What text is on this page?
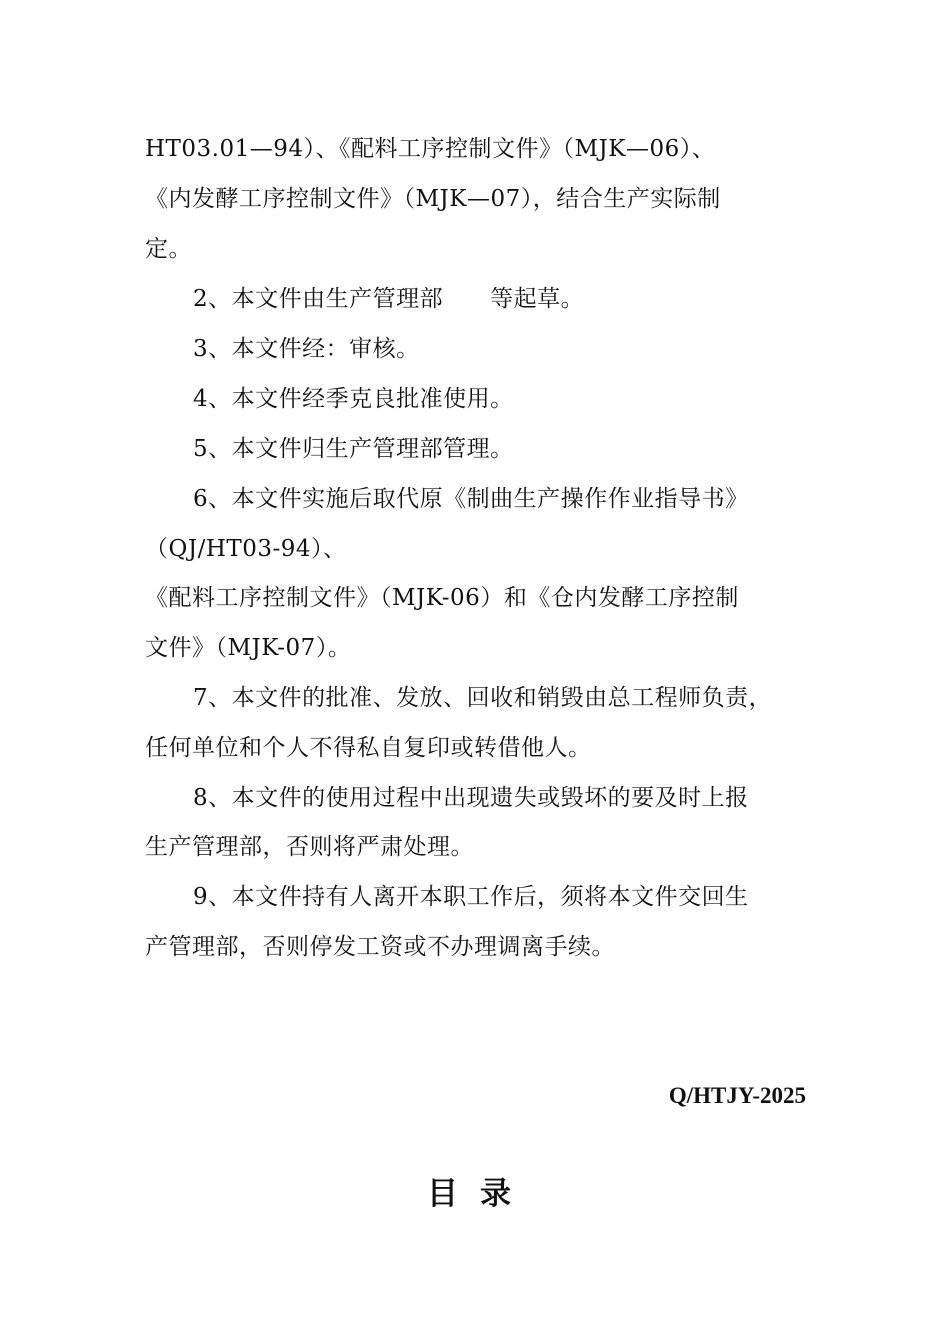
HT03.01—94）、《配料工序控制文件》（MJK—06）、
《内发酵工序控制文件》（MJK—07），结合生产实际制
定。
2、本文件由生产管理部　　等起草。
3、本文件经：审核。
4、本文件经季克良批准使用。
5、本文件归生产管理部管理。
6、本文件实施后取代原《制曲生产操作作业指导书》
（QJ/HT03-94）、
《配料工序控制文件》（MJK-06）和《仓内发酵工序控制
文件》（MJK-07）。
7、本文件的批准、发放、回收和销毁由总工程师负责，
任何单位和个人不得私自复印或转借他人。
8、本文件的使用过程中出现遗失或毁坏的要及时上报
生产管理部，否则将严肃处理。
9、本文件持有人离开本职工作后，须将本文件交回生
产管理部，否则停发工资或不办理调离手续。
Q/HTJY-2025
目录
